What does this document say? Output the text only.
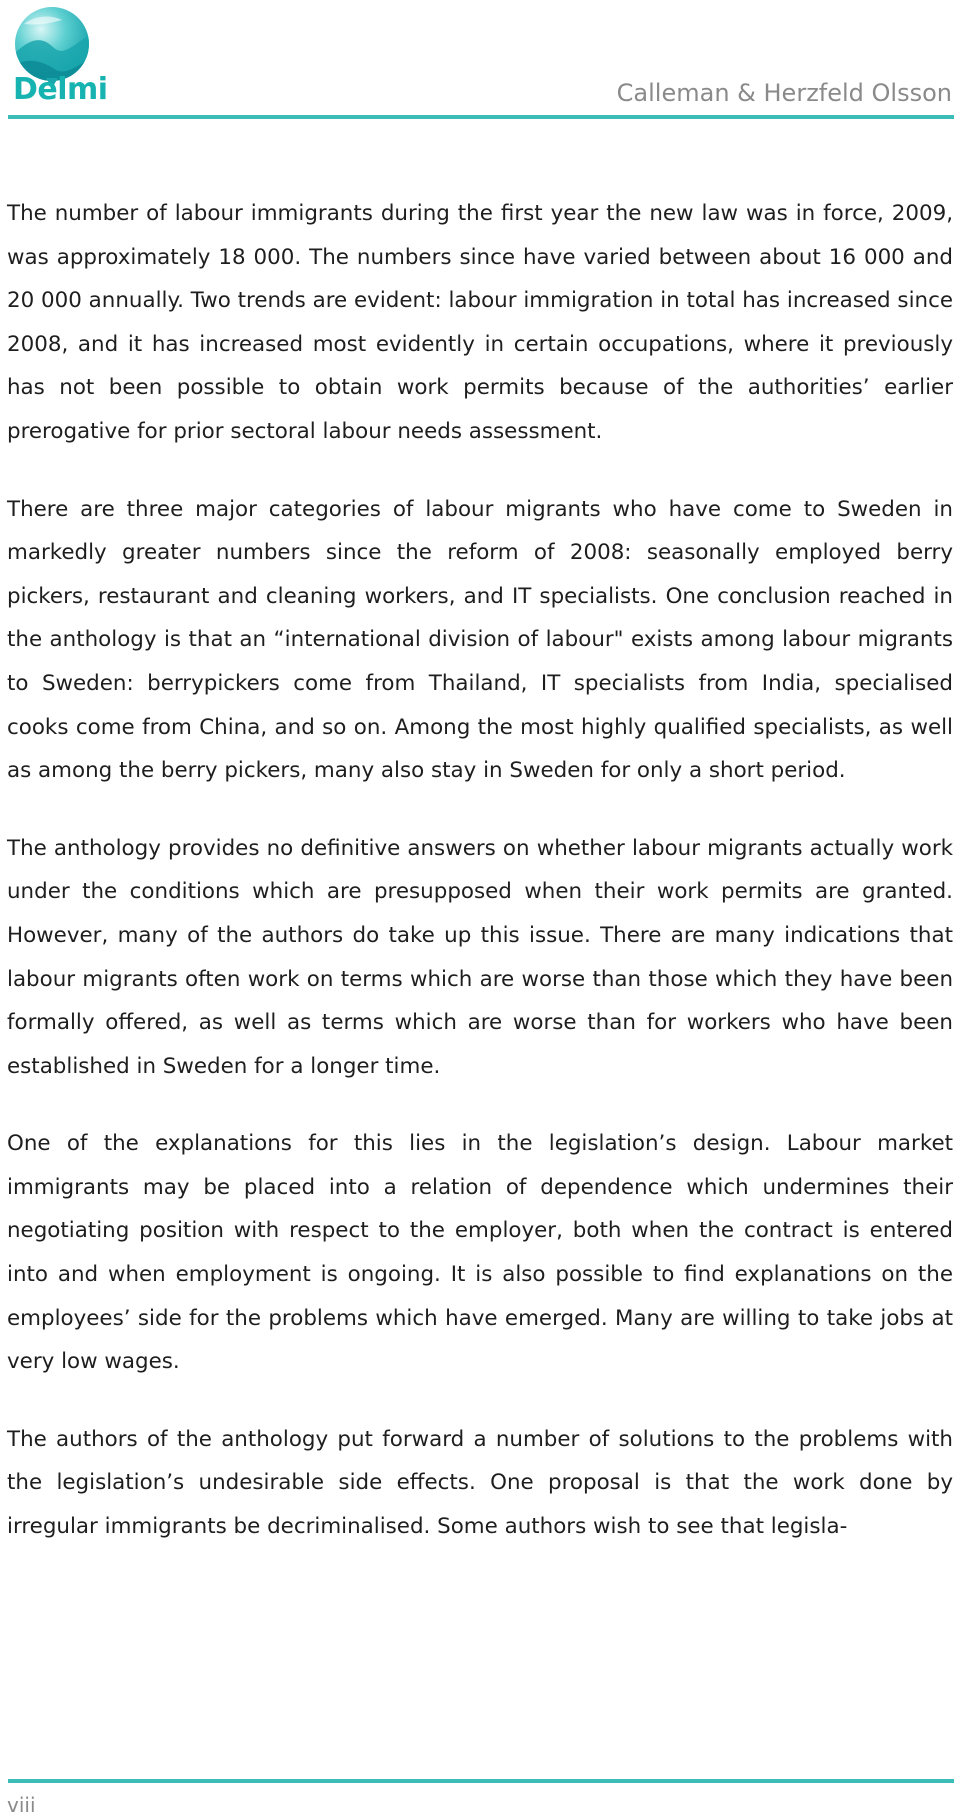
Delmi	Calleman & Herzfeld Olsson

The number of labour immigrants during the first year the new law was in force, 2009, was approximately 18 000. The numbers since have varied between about 16 000 and 20 000 annually. Two trends are evident: labour immigration in total has increased since 2008, and it has increased most evidently in certain occupations, where it previously has not been possible to obtain work permits because of the authorities’ earlier prerogative for prior sectoral labour needs assessment.

There are three major categories of labour migrants who have come to Sweden in markedly greater numbers since the reform of 2008: seasonally employed berry pickers, restaurant and cleaning workers, and IT specialists. One conclusion reached in the anthology is that an “international division of labour" exists among labour migrants to Sweden: berrypickers come from Thailand, IT specialists from India, specialised cooks come from China, and so on. Among the most highly qualified specialists, as well as among the berry pickers, many also stay in Sweden for only a short period.

The anthology provides no definitive answers on whether labour migrants actually work under the conditions which are presupposed when their work permits are granted. However, many of the authors do take up this issue. There are many indications that labour migrants often work on terms which are worse than those which they have been formally offered, as well as terms which are worse than for workers who have been established in Sweden for a longer time.

One of the explanations for this lies in the legislation’s design. Labour market immigrants may be placed into a relation of dependence which undermines their negotiating position with respect to the employer, both when the contract is entered into and when employment is ongoing. It is also possible to find explanations on the employees’ side for the problems which have emerged. Many are willing to take jobs at very low wages.

The authors of the anthology put forward a number of solutions to the problems with the legislation’s undesirable side effects. One proposal is that the work done by irregular immigrants be decriminalised. Some authors wish to see that legisla-

viii
